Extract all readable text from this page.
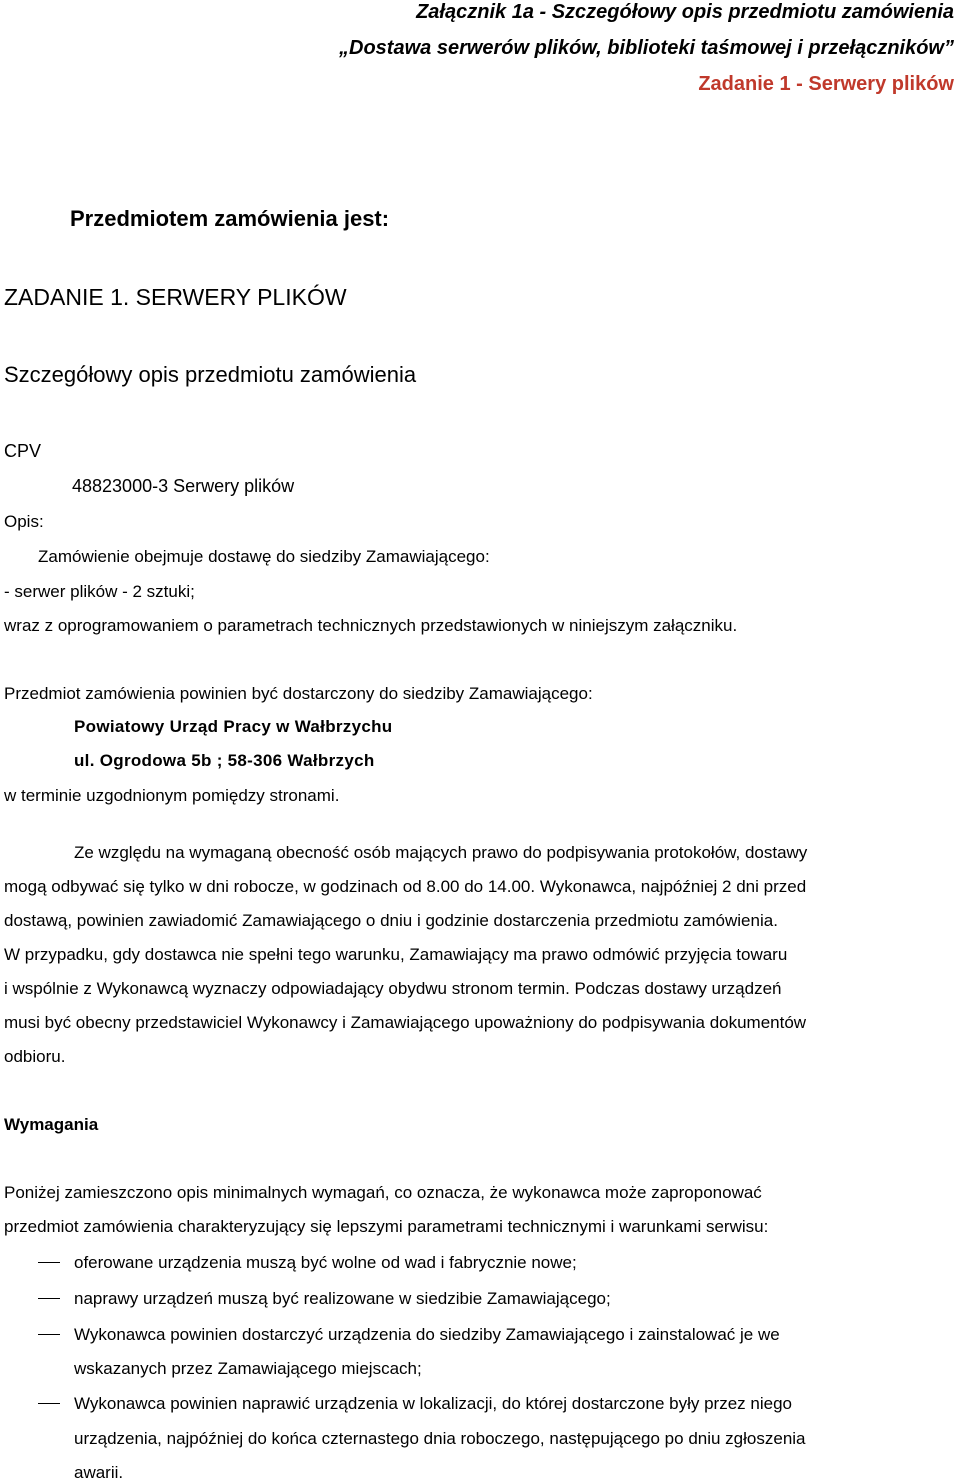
Załącznik 1a - Szczegółowy opis przedmiotu zamówienia
„Dostawa serwerów plików, biblioteki taśmowej i przełączników”
Zadanie 1 - Serwery plików
Przedmiotem zamówienia jest:
ZADANIE 1. SERWERY PLIKÓW
Szczegółowy opis przedmiotu zamówienia
CPV
48823000-3 Serwery plików
Opis:
Zamówienie obejmuje dostawę do siedziby Zamawiającego:
- serwer plików - 2 sztuki;
wraz z oprogramowaniem o parametrach technicznych przedstawionych w niniejszym załączniku.
Przedmiot zamówienia powinien być dostarczony do siedziby Zamawiającego:
Powiatowy Urząd Pracy w Wałbrzychu
ul. Ogrodowa 5b ; 58-306 Wałbrzych
w terminie uzgodnionym pomiędzy stronami.
Ze względu na wymaganą obecność osób mających prawo do podpisywania protokołów, dostawy
mogą odbywać się tylko w dni robocze, w godzinach od 8.00 do 14.00. Wykonawca, najpóźniej 2 dni przed
dostawą, powinien zawiadomić Zamawiającego o dniu i godzinie dostarczenia przedmiotu zamówienia.
W przypadku, gdy dostawca nie spełni tego warunku, Zamawiający ma prawo odmówić przyjęcia towaru
i wspólnie z Wykonawcą wyznaczy odpowiadający obydwu stronom termin. Podczas dostawy urządzeń
musi być obecny przedstawiciel Wykonawcy i Zamawiającego upoważniony do podpisywania dokumentów
odbioru.
Wymagania
Poniżej zamieszczono opis minimalnych wymagań, co oznacza, że wykonawca może zaproponować
przedmiot zamówienia charakteryzujący się lepszymi parametrami technicznymi i warunkami serwisu:
oferowane urządzenia muszą być wolne od wad i fabrycznie nowe;
naprawy urządzeń muszą być realizowane w siedzibie Zamawiającego;
Wykonawca powinien dostarczyć urządzenia do siedziby Zamawiającego i zainstalować je we
wskazanych przez Zamawiającego miejscach;
Wykonawca powinien naprawić urządzenia w lokalizacji, do której dostarczone były przez niego
urządzenia, najpóźniej do końca czternastego dnia roboczego, następującego po dniu zgłoszenia
awarii.
